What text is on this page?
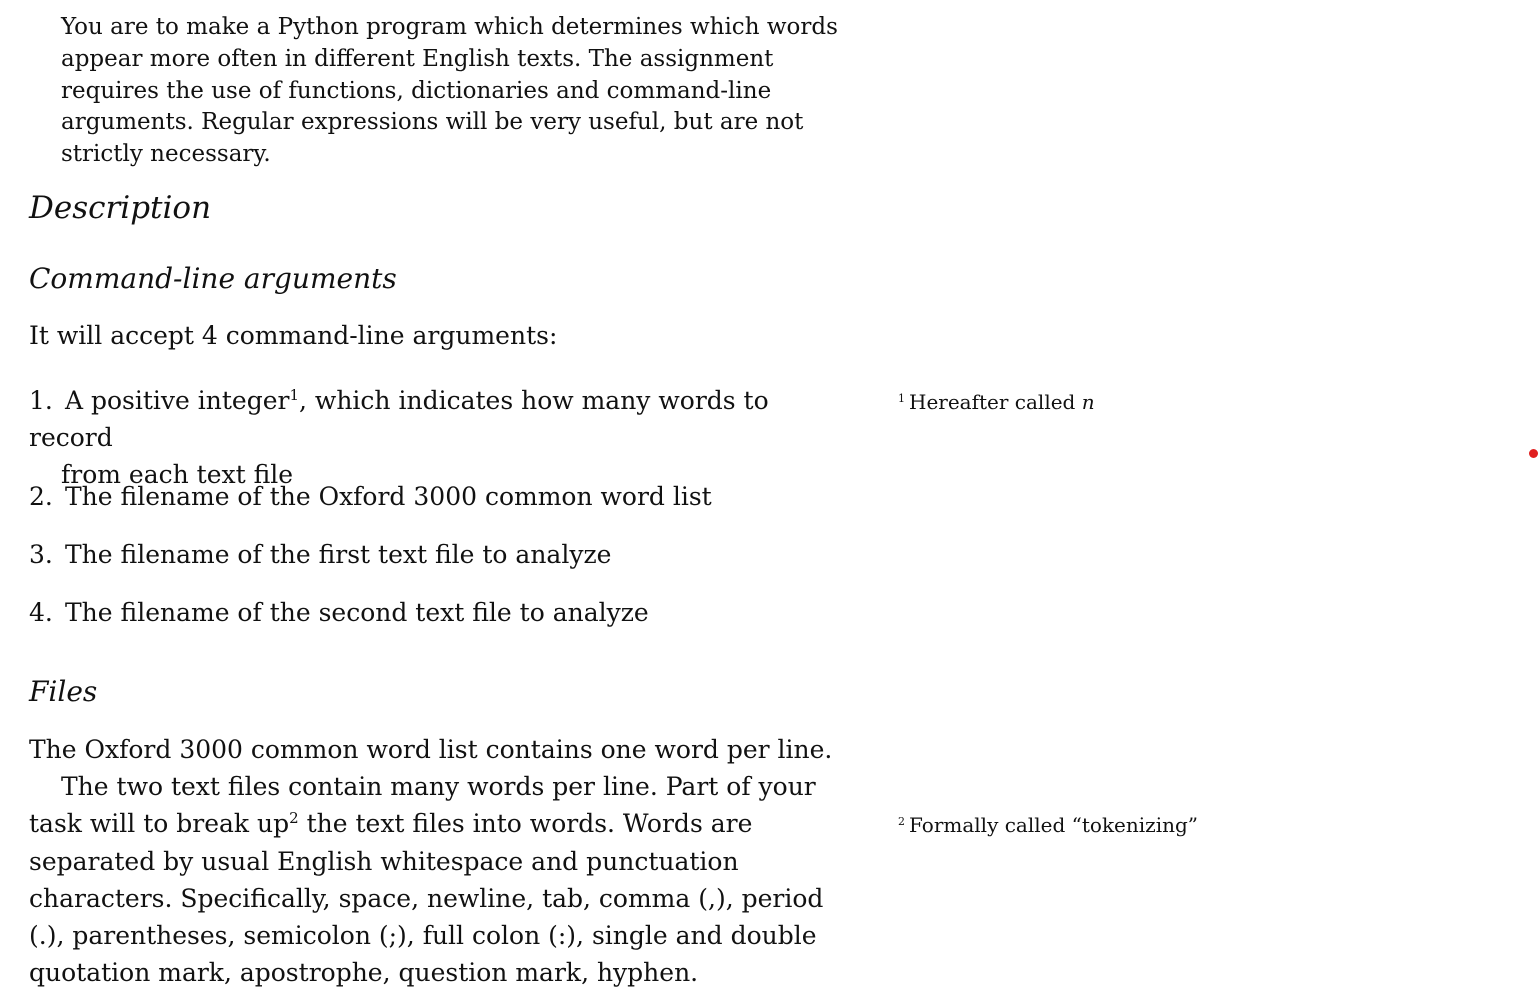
You are to make a Python program which determines which words appear more often in different English texts. The assignment requires the use of functions, dictionaries and command-line arguments. Regular expressions will be very useful, but are not strictly necessary.

Description
Command-line arguments

It will accept 4 command-line arguments:

1. A positive integer$^1$, which indicates how many words to record
from each text file
2. The filename of the Oxford 3000 common word list
3. The filename of the first text file to analyze
4. The filename of the second text file to analyze
Files
The Oxford 3000 common word list contains one word per line.
The two text files contain many words per line. Part of your task will to break up$^2$ the text files into words. Words are separated by usual English whitespace and punctuation characters. Specifically, space, newline, tab, comma (,), period (.), parentheses, semicolon (;), full colon (:), single and double quotation mark, apostrophe, question mark, hyphen.

$^1$ Hereafter called n

$^2$ Formally called “tokenizing”
